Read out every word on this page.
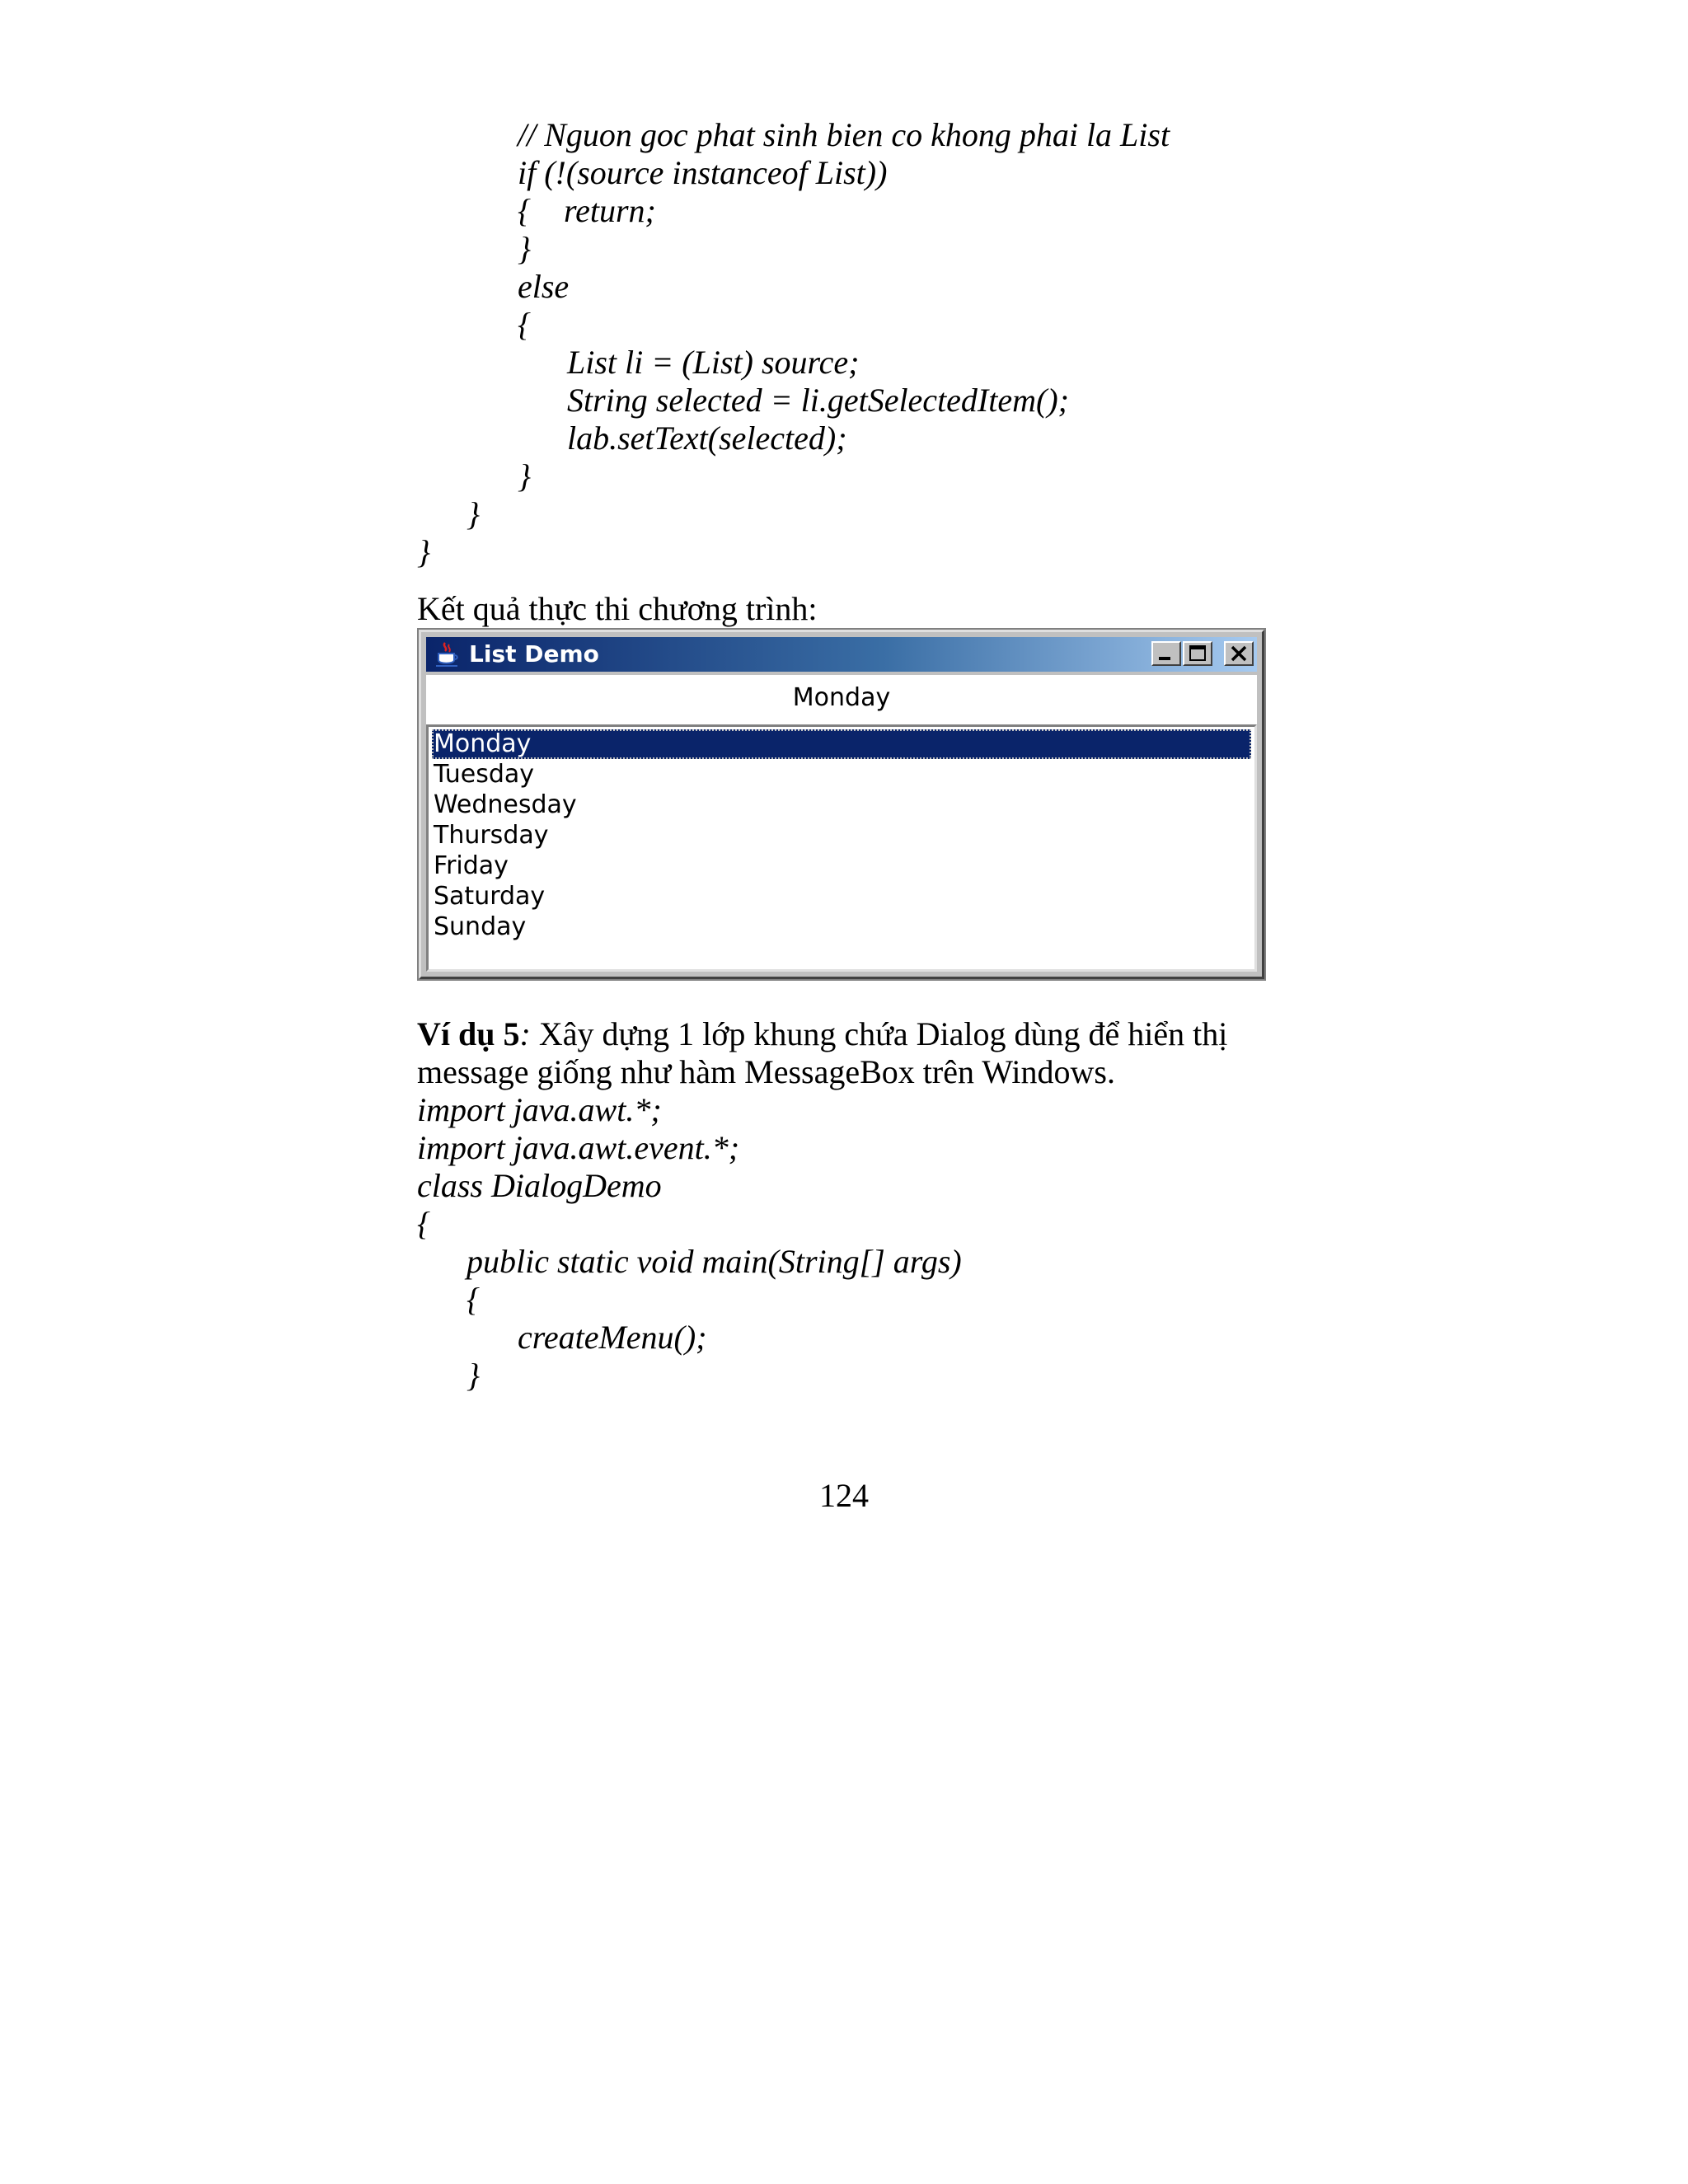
// Nguon goc phat sinh bien co khong phai la List
if (!(source instanceof List))
{    return;
}
else
{
List li = (List) source;
String selected = li.getSelectedItem();
lab.setText(selected);
}
}
}
Kết quả thực thi chương trình:
List Demo
Monday
Monday
Tuesday
Wednesday
Thursday
Friday
Saturday
Sunday
Ví dụ 5: Xây dựng 1 lớp khung chứa Dialog dùng để hiển thị
message giống như hàm MessageBox trên Windows.
import java.awt.*;
import java.awt.event.*;
class DialogDemo
{
public static void main(String[] args)
{
createMenu();
}
124
